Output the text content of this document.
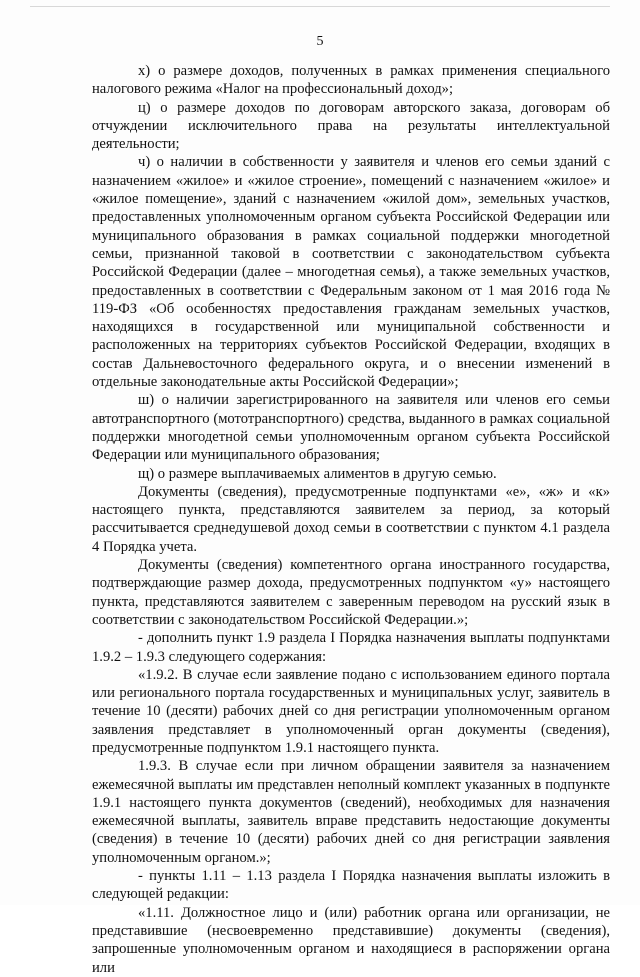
5

х) о размере доходов, полученных в рамках применения специального налогового режима «Налог на профессиональный доход»;

ц) о размере доходов по договорам авторского заказа, договорам об отчуждении исключительного права на результаты интеллектуальной деятельности;

ч) о наличии в собственности у заявителя и членов его семьи зданий с назначением «жилое» и «жилое строение», помещений с назначением «жилое» и «жилое помещение», зданий с назначением «жилой дом», земельных участков, предоставленных уполномоченным органом субъекта Российской Федерации или муниципального образования в рамках социальной поддержки многодетной семьи, признанной таковой в соответствии с законодательством субъекта Российской Федерации (далее – многодетная семья), а также земельных участков, предоставленных в соответствии с Федеральным законом от 1 мая 2016 года № 119-ФЗ «Об особенностях предоставления гражданам земельных участков, находящихся в государственной или муниципальной собственности и расположенных на территориях субъектов Российской Федерации, входящих в состав Дальневосточного федерального округа, и о внесении изменений в отдельные законодательные акты Российской Федерации»;

ш) о наличии зарегистрированного на заявителя или членов его семьи автотранспортного (мототранспортного) средства, выданного в рамках социальной поддержки многодетной семьи уполномоченным органом субъекта Российской Федерации или муниципального образования;

щ) о размере выплачиваемых алиментов в другую семью.

Документы (сведения), предусмотренные подпунктами «е», «ж» и «к» настоящего пункта, представляются заявителем за период, за который рассчитывается среднедушевой доход семьи в соответствии с пунктом 4.1 раздела 4 Порядка учета.

Документы (сведения) компетентного органа иностранного государства, подтверждающие размер дохода, предусмотренных подпунктом «у» настоящего пункта, представляются заявителем с заверенным переводом на русский язык в соответствии с законодательством Российской Федерации.»;

- дополнить пункт 1.9 раздела I Порядка назначения выплаты подпунктами 1.9.2 – 1.9.3 следующего содержания:

«1.9.2. В случае если заявление подано с использованием единого портала или регионального портала государственных и муниципальных услуг, заявитель в течение 10 (десяти) рабочих дней со дня регистрации уполномоченным органом заявления представляет в уполномоченный орган документы (сведения), предусмотренные подпунктом 1.9.1 настоящего пункта.

1.9.3. В случае если при личном обращении заявителя за назначением ежемесячной выплаты им представлен неполный комплект указанных в подпункте 1.9.1 настоящего пункта документов (сведений), необходимых для назначения ежемесячной выплаты, заявитель вправе представить недостающие документы (сведения) в течение 10 (десяти) рабочих дней со дня регистрации заявления уполномоченным органом.»;

- пункты 1.11 – 1.13 раздела I Порядка назначения выплаты изложить в следующей редакции:

«1.11. Должностное лицо и (или) работник органа или организации, не представившие (несвоевременно представившие) документы (сведения), запрошенные уполномоченным органом и находящиеся в распоряжении органа или
